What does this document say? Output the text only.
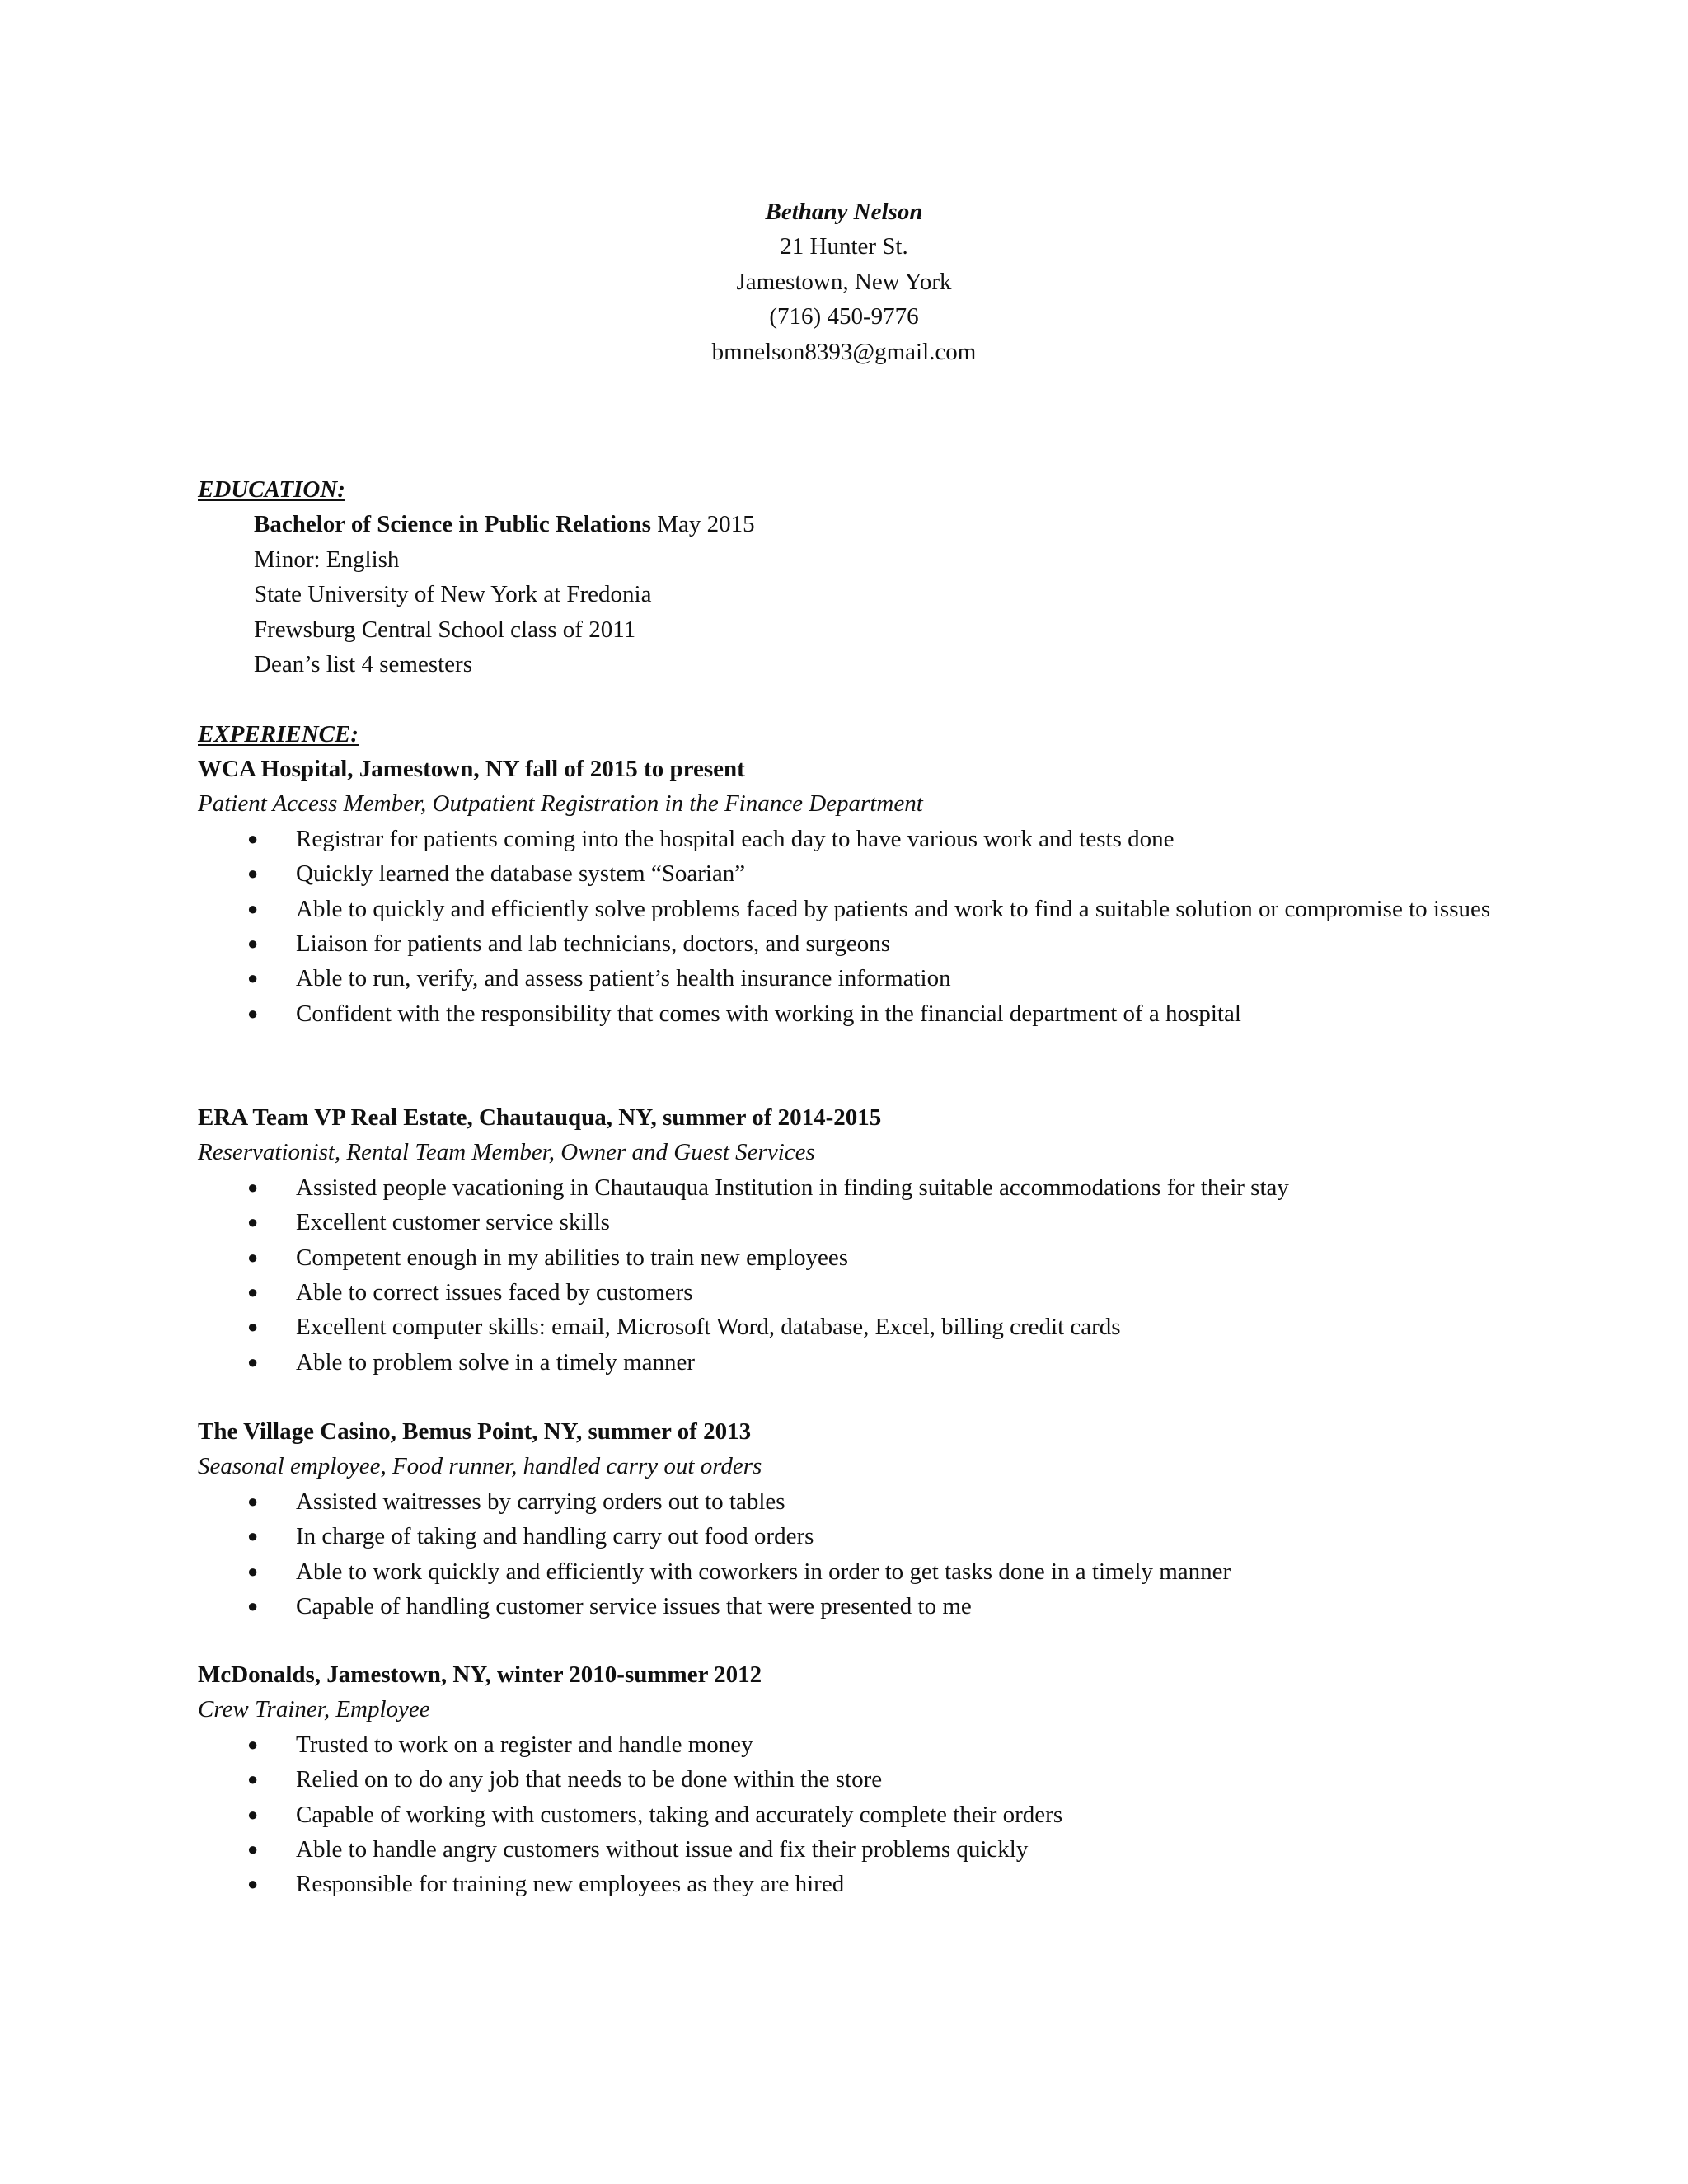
Bethany Nelson
21 Hunter St.
Jamestown, New York
(716) 450-9776
bmnelson8393@gmail.com
EDUCATION:
Bachelor of Science in Public Relations May 2015
Minor: English
State University of New York at Fredonia
Frewsburg Central School class of 2011
Dean’s list 4 semesters
EXPERIENCE:
WCA Hospital, Jamestown, NY fall of 2015 to present
Patient Access Member, Outpatient Registration in the Finance Department
● Registrar for patients coming into the hospital each day to have various work and tests done
● Quickly learned the database system “Soarian”
● Able to quickly and efficiently solve problems faced by patients and work to find a suitable solution or compromise to issues
● Liaison for patients and lab technicians, doctors, and surgeons
● Able to run, verify, and assess patient’s health insurance information
● Confident with the responsibility that comes with working in the financial department of a hospital
ERA Team VP Real Estate, Chautauqua, NY, summer of 2014-2015
Reservationist, Rental Team Member, Owner and Guest Services
● Assisted people vacationing in Chautauqua Institution in finding suitable accommodations for their stay
● Excellent customer service skills
● Competent enough in my abilities to train new employees
● Able to correct issues faced by customers
● Excellent computer skills: email, Microsoft Word, database, Excel, billing credit cards
● Able to problem solve in a timely manner
The Village Casino, Bemus Point, NY, summer of 2013
Seasonal employee, Food runner, handled carry out orders
● Assisted waitresses by carrying orders out to tables
● In charge of taking and handling carry out food orders
● Able to work quickly and efficiently with coworkers in order to get tasks done in a timely manner
● Capable of handling customer service issues that were presented to me
McDonalds, Jamestown, NY, winter 2010-summer 2012
Crew Trainer, Employee
● Trusted to work on a register and handle money
● Relied on to do any job that needs to be done within the store
● Capable of working with customers, taking and accurately complete their orders
● Able to handle angry customers without issue and fix their problems quickly
● Responsible for training new employees as they are hired
